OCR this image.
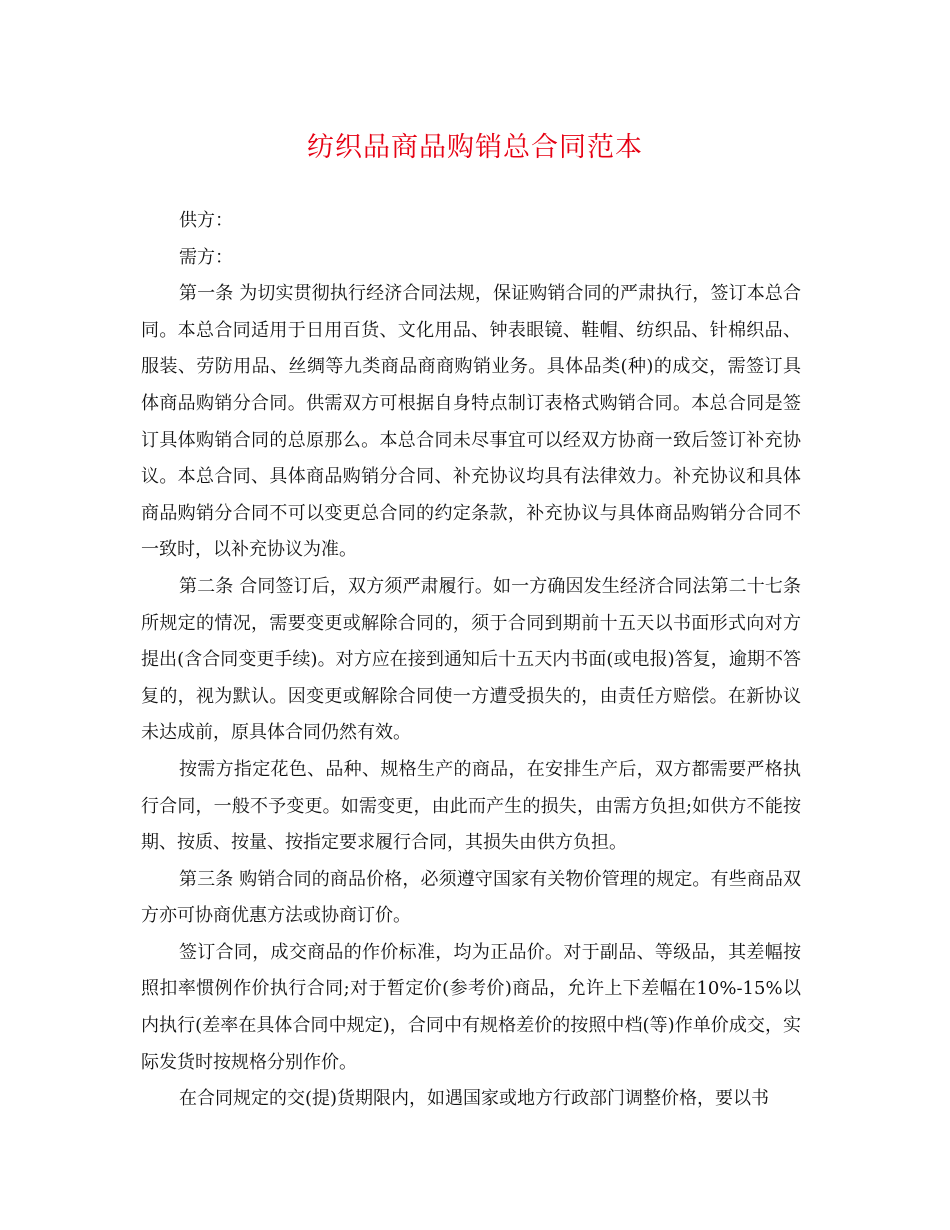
纺织品商品购销总合同范本

供方：

需方：

第一条 为切实贯彻执行经济合同法规，保证购销合同的严肃执行，签订本总合同。本总合同适用于日用百货、文化用品、钟表眼镜、鞋帽、纺织品、针棉织品、服装、劳防用品、丝绸等九类商品商商购销业务。具体品类(种)的成交，需签订具体商品购销分合同。供需双方可根据自身特点制订表格式购销合同。本总合同是签订具体购销合同的总原那么。本总合同未尽事宜可以经双方协商一致后签订补充协议。本总合同、具体商品购销分合同、补充协议均具有法律效力。补充协议和具体商品购销分合同不可以变更总合同的约定条款，补充协议与具体商品购销分合同不一致时，以补充协议为准。

第二条 合同签订后，双方须严肃履行。如一方确因发生经济合同法第二十七条所规定的情况，需要变更或解除合同的，须于合同到期前十五天以书面形式向对方提出(含合同变更手续)。对方应在接到通知后十五天内书面(或电报)答复，逾期不答复的，视为默认。因变更或解除合同使一方遭受损失的，由责任方赔偿。在新协议未达成前，原具体合同仍然有效。

按需方指定花色、品种、规格生产的商品，在安排生产后，双方都需要严格执行合同，一般不予变更。如需变更，由此而产生的损失，由需方负担;如供方不能按期、按质、按量、按指定要求履行合同，其损失由供方负担。

第三条 购销合同的商品价格，必须遵守国家有关物价管理的规定。有些商品双方亦可协商优惠方法或协商订价。

签订合同，成交商品的作价标准，均为正品价。对于副品、等级品，其差幅按照扣率惯例作价执行合同;对于暂定价(参考价)商品，允许上下差幅在10%-15%以内执行(差率在具体合同中规定)，合同中有规格差价的按照中档(等)作单价成交，实际发货时按规格分别作价。

在合同规定的交(提)货期限内，如遇国家或地方行政部门调整价格，要以书
